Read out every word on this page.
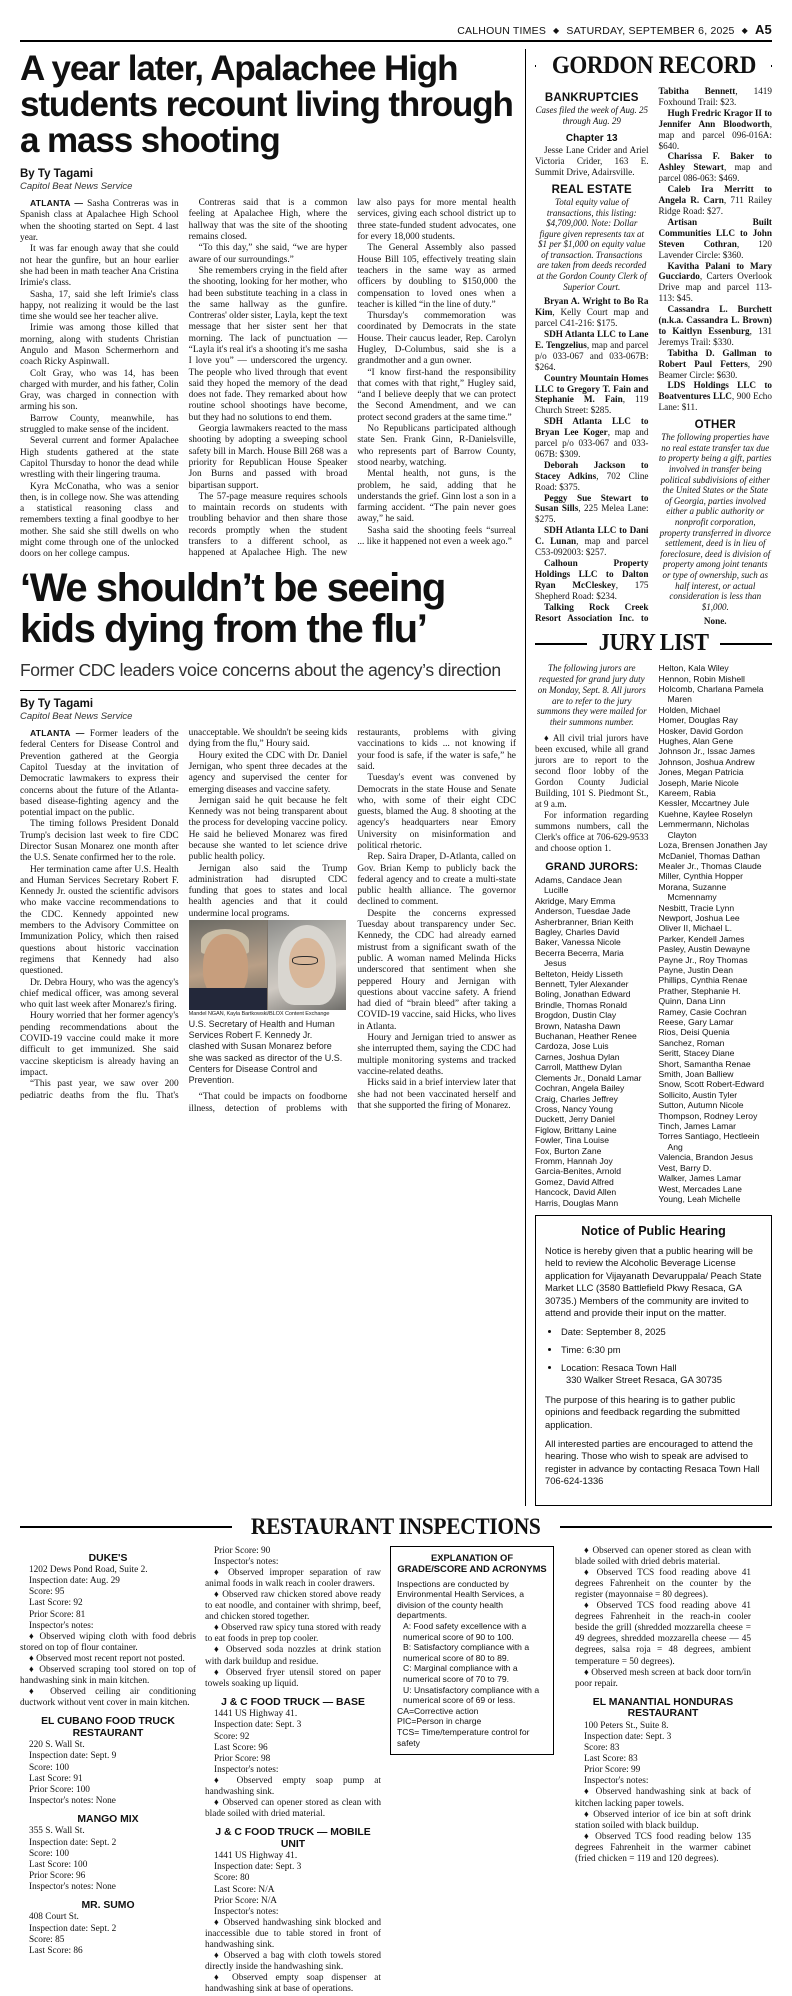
CALHOUN TIMES ◆ SATURDAY, SEPTEMBER 6, 2025 ◆ A5
A year later, Apalachee High students recount living through a mass shooting
By Ty Tagami
Capitol Beat News Service

ATLANTA — Sasha Contreras was in Spanish class at Apalachee High School when the shooting started on Sept. 4 last year.

It was far enough away that she could not hear the gunfire, but an hour earlier she had been in math teacher Ana Cristina Irimie's class.

Sasha, 17, said she left Irimie's class happy, not realizing it would be the last time she would see her teacher alive.

Irimie was among those killed that morning, along with students Christian Angulo and Mason Schermerhorn and coach Ricky Aspinwall.

Colt Gray, who was 14, has been charged with murder, and his father, Colin Gray, was charged in connection with arming his son.

Barrow County, meanwhile, has struggled to make sense of the incident.

Several current and former Apalachee High students gathered at the state Capitol Thursday to honor the dead while wrestling with their lingering trauma.

Kyra McConatha, who was a senior then, is in college now. She was attending a statistical reasoning class and remembers texting a final goodbye to her mother. She said she still dwells on who might come through one of the unlocked doors on her college campus.

Contreras said that is a common feeling at Apalachee High, where the hallway that was the site of the shooting remains closed.

“To this day,” she said, “we are hyper aware of our surroundings.”

She remembers crying in the field after the shooting, looking for her mother, who had been substitute teaching in a class in the same hallway as the gunfire. Contreras' older sister, Layla, kept the text message that her sister sent her that morning. The lack of punctuation — “Layla it's real it's a shooting it's me sasha I love you” — underscored the urgency. The people who lived through that event said they hoped the memory of the dead does not fade. They remarked about how routine school shootings have become, but they had no solutions to end them.

Georgia lawmakers reacted to the mass shooting by adopting a sweeping school safety bill in March. House Bill 268 was a priority for Republican House Speaker Jon Burns and passed with broad bipartisan support.

The 57-page measure requires schools to maintain records on students with troubling behavior and then share those records promptly when the student transfers to a different school, as happened at Apalachee High. The new law also pays for more mental health services, giving each school district up to three state-funded student advocates, one for every 18,000 students.

The General Assembly also passed House Bill 105, effectively treating slain teachers in the same way as armed officers by doubling to $150,000 the compensation to loved ones when a teacher is killed “in the line of duty.”

Thursday's commemoration was coordinated by Democrats in the state House. Their caucus leader, Rep. Carolyn Hugley, D-Columbus, said she is a grandmother and a gun owner.

“I know first-hand the responsibility that comes with that right,” Hugley said, “and I believe deeply that we can protect the Second Amendment, and we can protect second graders at the same time.”

No Republicans participated although state Sen. Frank Ginn, R-Danielsville, who represents part of Barrow County, stood nearby, watching.

Mental health, not guns, is the problem, he said, adding that he understands the grief. Ginn lost a son in a farming accident. “The pain never goes away,” he said.

Sasha said the shooting feels “surreal ... like it happened not even a week ago.”

‘We shouldn’t be seeing kids dying from the flu’
Former CDC leaders voice concerns about the agency’s direction
By Ty Tagami
Capitol Beat News Service

ATLANTA — Former leaders of the federal Centers for Disease Control and Prevention gathered at the Georgia Capitol Tuesday at the invitation of Democratic lawmakers to express their concerns about the future of the Atlanta-based disease-fighting agency and the potential impact on the public.

The timing follows President Donald Trump's decision last week to fire CDC Director Susan Monarez one month after the U.S. Senate confirmed her to the role.

Her termination came after U.S. Health and Human Services Secretary Robert F. Kennedy Jr. ousted the scientific advisors who make vaccine recommendations to the CDC. Kennedy appointed new members to the Advisory Committee on Immunization Policy, which then raised questions about historic vaccination regimens that Kennedy had also questioned.

Dr. Debra Houry, who was the agency's chief medical officer, was among several who quit last week after Monarez's firing.

Houry worried that her former agency's pending recommendations about the COVID-19 vaccine could make it more difficult to get immunized. She said vaccine skepticism is already having an impact.

“This past year, we saw over 200 pediatric deaths from the flu. That's unacceptable. We shouldn't be seeing kids dying from the flu,” Houry said.

Houry exited the CDC with Dr. Daniel Jernigan, who spent three decades at the agency and supervised the center for emerging diseases and vaccine safety.

Jernigan said he quit because he felt Kennedy was not being transparent about the process for developing vaccine policy. He said he believed Monarez was fired because she wanted to let science drive public health policy.

Jernigan also said the Trump administration had disrupted CDC funding that goes to states and local health agencies and that it could undermine local programs.

Mandel NGAN, Kayla Bartkowski/BLOX Content Exchange
U.S. Secretary of Health and Human Services Robert F. Kennedy Jr. clashed with Susan Monarez before she was sacked as director of the U.S. Centers for Disease Control and Prevention.

“That could be impacts on foodborne illness, detection of problems with restaurants, problems with giving vaccinations to kids ... not knowing if your food is safe, if the water is safe,” he said.

Tuesday's event was convened by Democrats in the state House and Senate who, with some of their eight CDC guests, blamed the Aug. 8 shooting at the agency's headquarters near Emory University on misinformation and political rhetoric.

Rep. Saira Draper, D-Atlanta, called on Gov. Brian Kemp to publicly back the federal agency and to create a multi-state public health alliance. The governor declined to comment.

Despite the concerns expressed Tuesday about transparency under Sec. Kennedy, the CDC had already earned mistrust from a significant swath of the public. A woman named Melinda Hicks underscored that sentiment when she peppered Houry and Jernigan with questions about vaccine safety. A friend had died of “brain bleed” after taking a COVID-19 vaccine, said Hicks, who lives in Atlanta.

Houry and Jernigan tried to answer as she interrupted them, saying the CDC had multiple monitoring systems and tracked vaccine-related deaths.

Hicks said in a brief interview later that she had not been vaccinated herself and that she supported the firing of Monarez.

GORDON RECORD
BANKRUPTCIES
Cases filed the week of Aug. 25 through Aug. 29
Chapter 13

Jesse Lane Crider and Ariel Victoria Crider, 163 E. Summit Drive, Adairsville.

REAL ESTATE
Total equity value of transactions, this listing: $4,709,000. Note: Dollar figure given represents tax at $1 per $1,000 on equity value of transaction. Transactions are taken from deeds recorded at the Gordon County Clerk of Superior Court.

Bryan A. Wright to Bo Ra Kim, Kelly Court map and parcel C41-216: $175.

SDH Atlanta LLC to Lane E. Tengzelius, map and parcel p/o 033-067 and 033-067B: $264.

Country Mountain Homes LLC to Gregory T. Fain and Stephanie M. Fain, 119 Church Street: $285.

SDH Atlanta LLC to Bryan Lee Koger, map and parcel p/o 033-067 and 033-067B: $309.

Deborah Jackson to Stacey Adkins, 702 Cline Road: $375.

Peggy Sue Stewart to Susan Sills, 225 Melea Lane: $275.

SDH Atlanta LLC to Dani C. Lunan, map and parcel C53-092003: $257.

Calhoun Property Holdings LLC to Dalton Ryan McCleskey, 175 Shepherd Road: $234.

Talking Rock Creek Resort Association Inc. to Tabitha Bennett, 1419 Foxhound Trail: $23.

Hugh Fredric Kragor II to Jennifer Ann Bloodworth, map and parcel 096-016A: $640.

Charissa F. Baker to Ashley Stewart, map and parcel 086-063: $469.

Caleb Ira Merritt to Angela R. Carn, 711 Railey Ridge Road: $27.

Artisan Built Communities LLC to John Steven Cothran, 120 Lavender Circle: $360.

Kavitha Palani to Mary Gucciardo, Carters Overlook Drive map and parcel 113-113: $45.

Cassandra L. Burchett (n.k.a. Cassandra L. Brown) to Kaitlyn Essenburg, 131 Jeremys Trail: $330.

Tabitha D. Gallman to Robert Paul Fetters, 290 Beamer Circle: $630.

LDS Holdings LLC to Boatventures LLC, 900 Echo Lane: $11.

OTHER
The following properties have no real estate transfer tax due to property being a gift, parties involved in transfer being political subdivisions of either the United States or the State of Georgia, parties involved either a public authority or nonprofit corporation, property transferred in divorce settlement, deed is in lieu of foreclosure, deed is division of property among joint tenants or type of ownership, such as half interest, or actual consideration is less than $1,000.

None.

JURY LIST
The following jurors are requested for grand jury duty on Monday, Sept. 8. All jurors are to refer to the jury summons they were mailed for their summons number.

♦ All civil trial jurors have been excused, while all grand jurors are to report to the second floor lobby of the Gordon County Judicial Building, 101 S. Piedmont St., at 9 a.m.

For information regarding summons numbers, call the Clerk's office at 706-629-9533 and choose option 1.

GRAND JURORS:
Adams, Candace Jean Lucille
Akridge, Mary Emma
Anderson, Tuesdae Jade
Asherbranner, Brian Keith
Bagley, Charles David
Baker, Vanessa Nicole
Becerra Becerra, Maria Jesus
Belteton, Heidy Lisseth
Bennett, Tyler Alexander
Boling, Jonathan Edward
Brindle, Thomas Ronald
Brogdon, Dustin Clay
Brown, Natasha Dawn
Buchanan, Heather Renee
Cardoza, Jose Luis
Carnes, Joshua Dylan
Carroll, Matthew Dylan
Clements Jr., Donald Lamar
Cochran, Angela Bailey
Craig, Charles Jeffrey
Cross, Nancy Young
Duckett, Jerry Daniel
Figlow, Brittany Laine
Fowler, Tina Louise
Fox, Burton Zane
Fromm, Hannah Joy
Garcia-Benites, Arnold
Gomez, David Alfred
Hancock, David Allen
Harris, Douglas Mann
Helton, Kala Wiley
Hennon, Robin Mishell
Holcomb, Charlana Pamela Maren
Holden, Michael
Homer, Douglas Ray
Hosker, David Gordon
Hughes, Alan Gene
Johnson Jr., Issac James
Johnson, Joshua Andrew
Jones, Megan Patricia
Joseph, Marie Nicole
Kareem, Rabia
Kessler, Mccartney Jule
Kuehne, Kaylee Roselyn
Lemmermann, Nicholas Clayton
Loza, Brensen Jonathen Jay
McDaniel, Thomas Dathan
Mealer Jr., Thomas Claude
Miller, Cynthia Hopper
Morana, Suzanne Mcmennamy
Nesbitt, Tracie Lynn
Newport, Joshua Lee
Oliver II, Michael L.
Parker, Kendell James
Pasley, Austin Dewayne
Payne Jr., Roy Thomas
Payne, Justin Dean
Phillips, Cynthia Renae
Prather, Stephanie H.
Quinn, Dana Linn
Ramey, Casie Cochran
Reese, Gary Lamar
Rios, Deisi Quenia
Sanchez, Roman
Seritt, Stacey Diane
Short, Samantha Renae
Smith, Joan Balliew
Snow, Scott Robert-Edward
Sollicito, Austin Tyler
Sutton, Autumn Nicole
Thompson, Rodney Leroy
Tinch, James Lamar
Torres Santiago, Hectleein Ang
Valencia, Brandon Jesus
Vest, Barry D.
Walker, James Lamar
West, Mercades Lane
Young, Leah Michelle
Notice of Public Hearing

Notice is hereby given that a public hearing will be held to review the Alcoholic Beverage License application for Vijayanath Devaruppala/ Peach State Market LLC (3580 Battlefield Pkwy Resaca, GA 30735.) Members of the community are invited to attend and provide their input on the matter.

• Date: September 8, 2025
• Time: 6:30 pm
• Location: Resaca Town Hall
330 Walker Street Resaca, GA 30735

The purpose of this hearing is to gather public opinions and feedback regarding the submitted application.

All interested parties are encouraged to attend the hearing. Those who wish to speak are advised to register in advance by contacting Resaca Town Hall 706-624-1336

RESTAURANT INSPECTIONS
DUKE'S

1202 Dews Pond Road, Suite 2.

Inspection date: Aug. 29

Score: 95

Last Score: 92

Prior Score: 81

Inspector's notes:

♦ Observed wiping cloth with food debris stored on top of flour container.

♦ Observed most recent report not posted.

♦ Observed scraping tool stored on top of handwashing sink in main kitchen.

♦ Observed ceiling air conditioning ductwork without vent cover in main kitchen.

EL CUBANO FOOD TRUCK RESTAURANT

220 S. Wall St.

Inspection date: Sept. 9

Score: 100

Last Score: 91

Prior Score: 100

Inspector's notes: None

MANGO MIX

355 S. Wall St.

Inspection date: Sept. 2

Score: 100

Last Score: 100

Prior Score: 96

Inspector's notes: None

MR. SUMO

408 Court St.

Inspection date: Sept. 2

Score: 85

Last Score: 86

Prior Score: 90

Inspector's notes:

♦ Observed improper separation of raw animal foods in walk reach in cooler drawers.

♦ Observed raw chicken stored above ready to eat noodle, and container with shrimp, beef, and chicken stored together.

♦ Observed raw spicy tuna stored with ready to eat foods in prep top cooler.

♦ Observed soda nozzles at drink station with dark buildup and residue.

♦ Observed fryer utensil stored on paper towels soaking up liquid.

J & C FOOD TRUCK — BASE

1441 US Highway 41.

Inspection date: Sept. 3

Score: 92

Last Score: 96

Prior Score: 98

Inspector's notes:

♦ Observed empty soap pump at handwashing sink.

♦ Observed can opener stored as clean with blade soiled with dried material.

J & C FOOD TRUCK — MOBILE UNIT

1441 US Highway 41.

Inspection date: Sept. 3

Score: 80

Last Score: N/A

Prior Score: N/A

Inspector's notes:

♦ Observed handwashing sink blocked and inaccessible due to table stored in front of handwashing sink.

♦ Observed a bag with cloth towels stored directly inside the handwashing sink.

♦ Observed empty soap dispenser at handwashing sink at base of operations.

EXPLANATION OF GRADE/SCORE AND ACRONYMS

Inspections are conducted by Environmental Health Services, a division of the county health departments.

A: Food safety excellence with a numerical score of 90 to 100.

B: Satisfactory compliance with a numerical score of 80 to 89.

C: Marginal compliance with a numerical score of 70 to 79.

U: Unsatisfactory compliance with a numerical score of 69 or less.

CA=Corrective action

PIC=Person in charge

TCS= Time/temperature control for safety

♦ Observed can opener stored as clean with blade soiled with dried debris material.

♦ Observed TCS food reading above 41 degrees Fahrenheit on the counter by the register (mayonnaise = 80 degrees).

♦ Observed TCS food reading above 41 degrees Fahrenheit in the reach-in cooler beside the grill (shredded mozzarella cheese = 49 degrees, shredded mozzarella cheese — 45 degrees, salsa roja = 48 degrees, ambient temperature = 50 degrees).

♦ Observed mesh screen at back door torn/in poor repair.

EL MANANTIAL HONDURAS RESTAURANT

100 Peters St., Suite 8.

Inspection date: Sept. 3

Score: 83

Last Score: 83

Prior Score: 99

Inspector's notes:

♦ Observed handwashing sink at back of kitchen lacking paper towels.

♦ Observed interior of ice bin at soft drink station soiled with black buildup.

♦ Observed TCS food reading below 135 degrees Fahrenheit in the warmer cabinet (fried chicken = 119 and 120 degrees).
